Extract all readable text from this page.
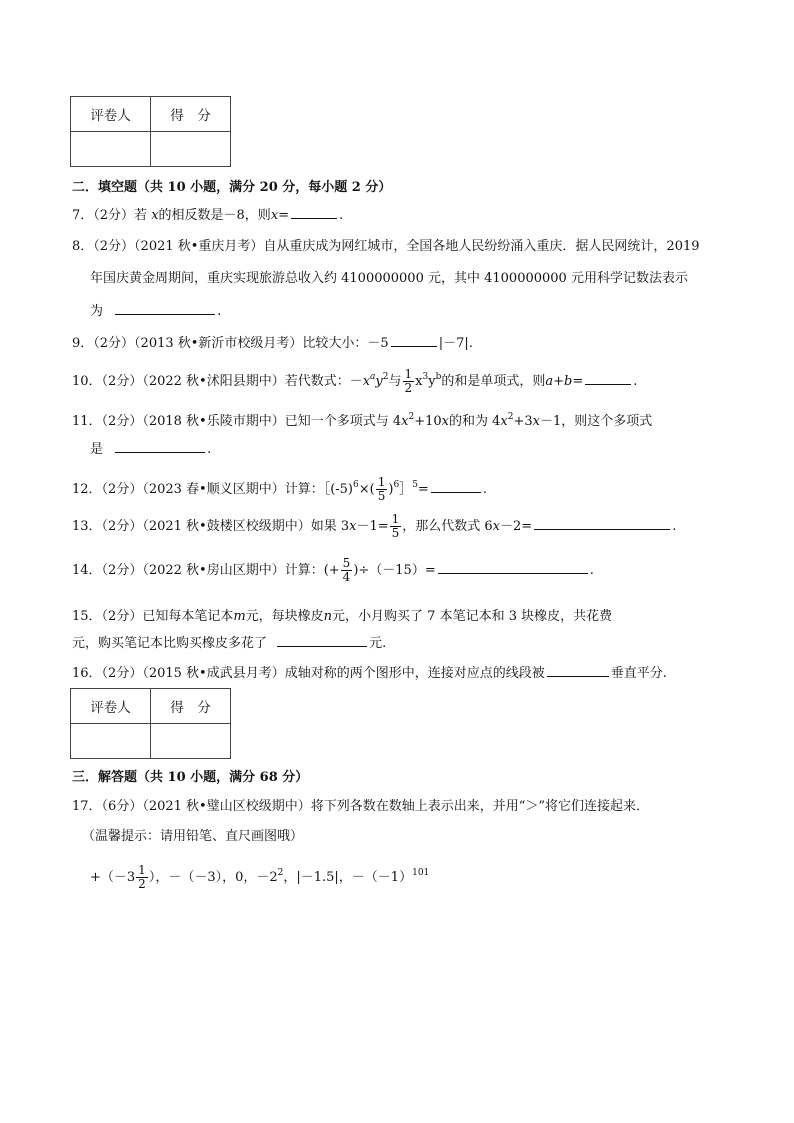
评卷人	得　分

二．填空题（共 10 小题，满分 20 分，每小题 2 分）
7．（2分）若 x的相反数是－8，则x=	.
8．（2分）（2021 秋•重庆月考）自从重庆成为网红城市，全国各地人民纷纷涌入重庆．据人民网统计，2019
年国庆黄金周期间，重庆实现旅游总收入约 4100000000 元，其中 4100000000 元用科学记数法表示
为	.
9．（2分）（2013 秋•新沂市校级月考）比较大小：－5	|－7|.
10．（2分）（2022 秋•沭阳县期中）若代数式：$-x^ay^2$与 $\frac{1}{2} x^3y^b$的和是单项式，则a+b=	.
11．（2分）（2018 秋•乐陵市期中）已知一个多项式与 $4x^2+10x$的和为 $4x^2+3x-1$，则这个多项式
是	.
12．（2分）（2023 春•顺义区期中）计算：$[(-5)^6\times( \frac{1}{5}$ )$^6$］$^5$=	.
13．（2分）（2021 秋•鼓楼区校级期中）如果 $3x-1= \frac{1}{5}$ ，那么代数式 6x－2=	.
14．（2分）（2022 秋•房山区期中）计算：(+ $\frac{5}{4} )\div(-15)=$	.
15．（2分）已知每本笔记本m元，每块橡皮n元，小月购买了 7 本笔记本和 3 块橡皮，共花费
元，购买笔记本比购买橡皮多花了	元.
16．（2分）（2015 秋•成武县月考）成轴对称的两个图形中，连接对应点的线段被	垂直平分.
评卷人	得　分

三．解答题（共 10 小题，满分 68 分）
17．（6分）（2021 秋•璧山区校级期中）将下列各数在数轴上表示出来，并用“＞”将它们连接起来．
（温馨提示：请用铅笔、直尺画图哦）
$+(-3 \frac{1}{2}$ ），－（－3），0，$-2^2$，|－1.5|，$-(-1)^{101}$
